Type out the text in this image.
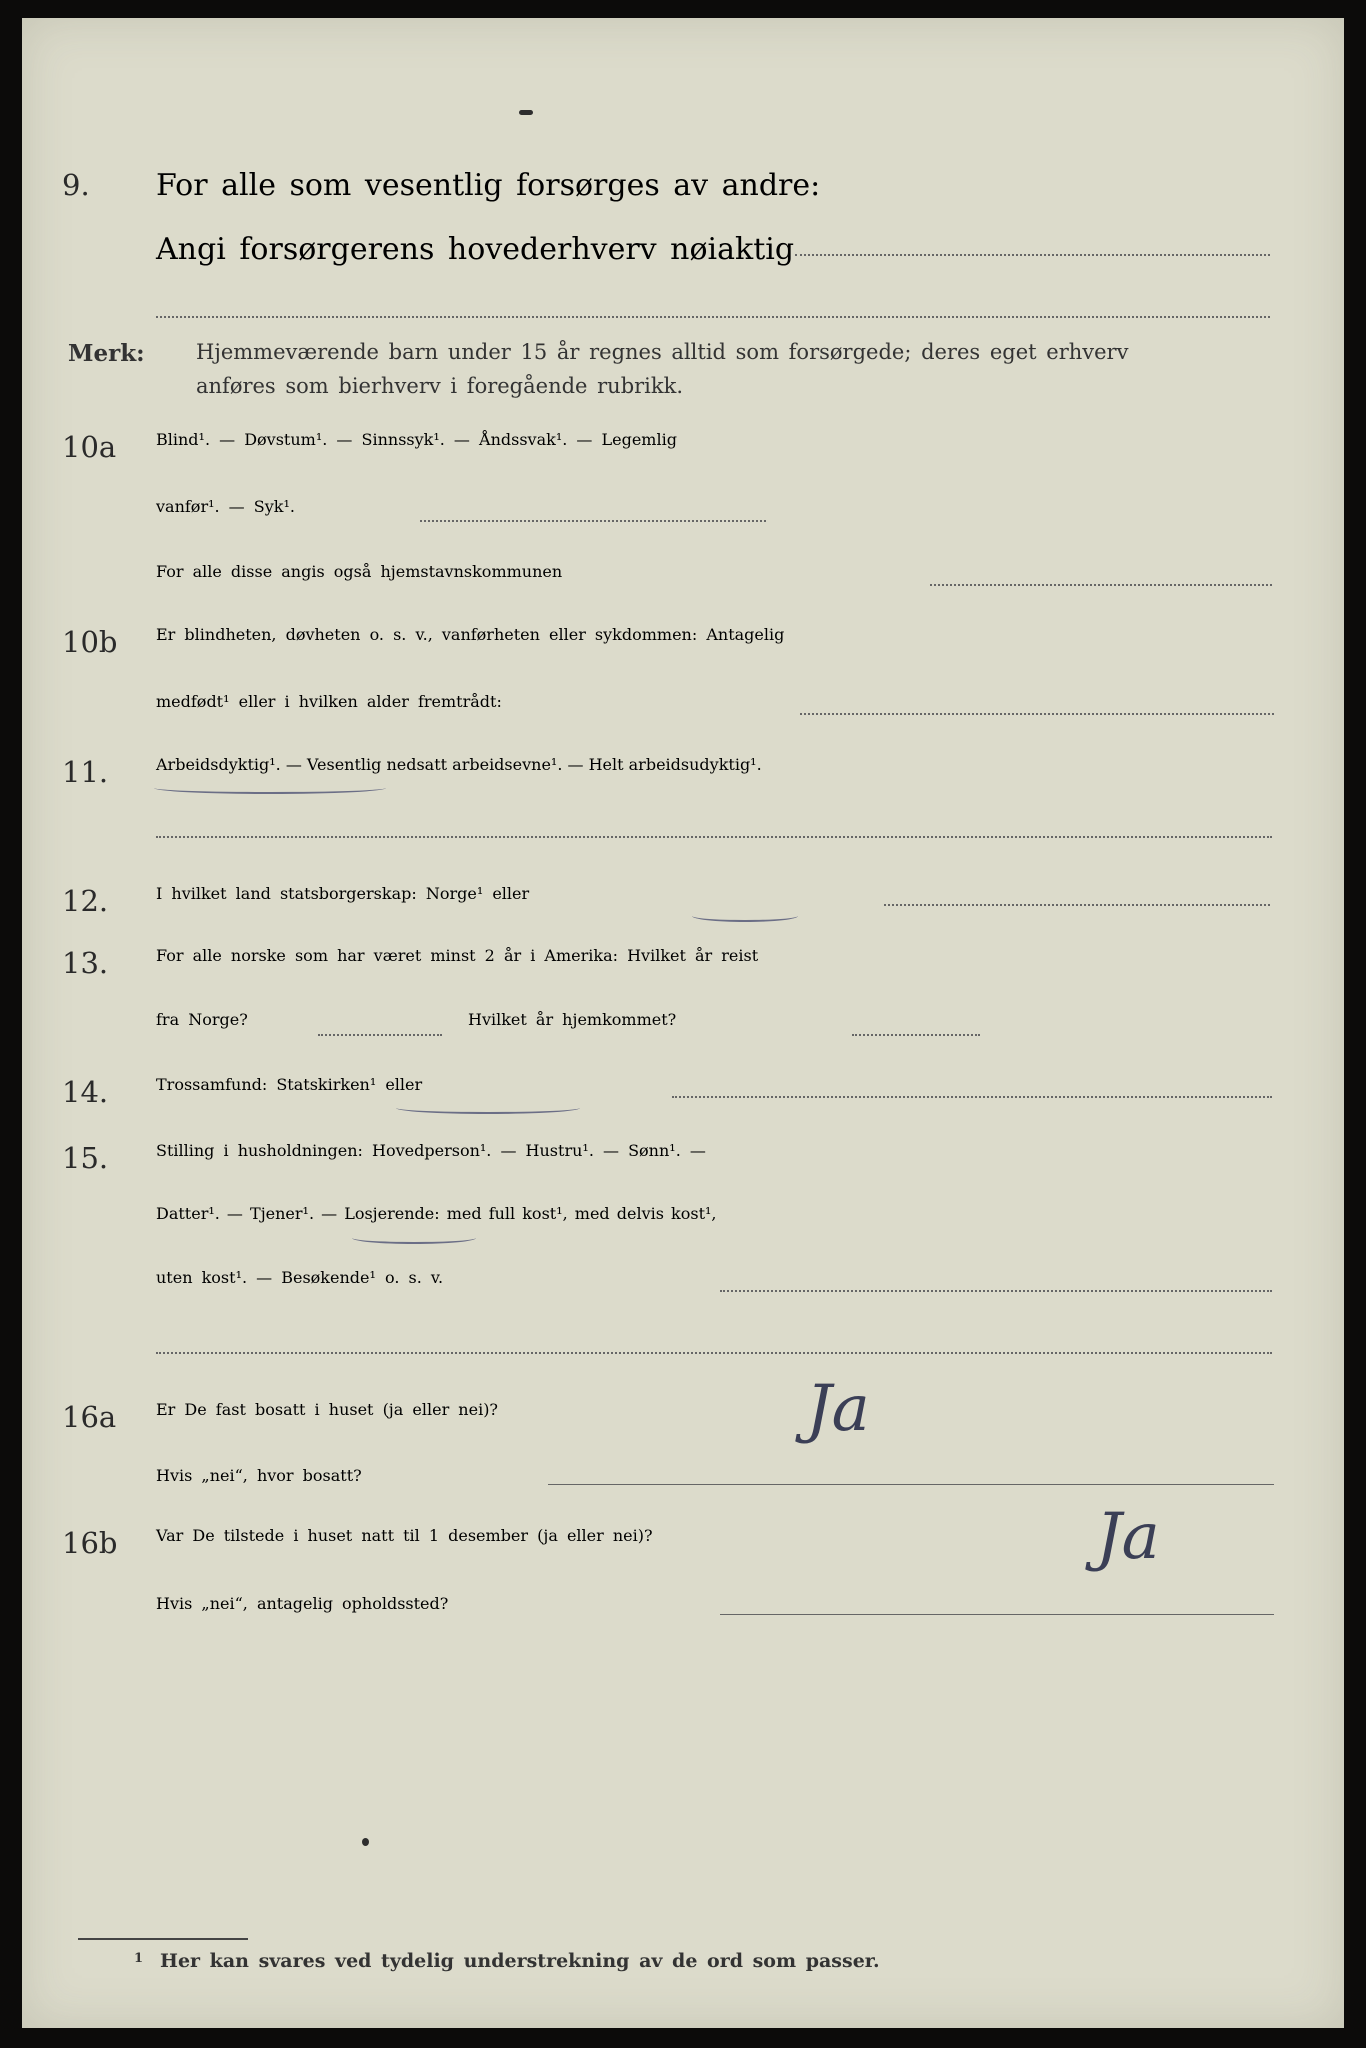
9. For alle som vesentlig forsørges av andre:
Angi forsørgerens hovederhverv nøiaktig
Merk: Hjemmeværende barn under 15 år regnes alltid som forsørgede; deres eget erhverv
anføres som bierhverv i foregående rubrikk.
10a Blind¹. — Døvstum¹. — Sinnssyk¹. — Åndssvak¹. — Legemlig
vanfør¹. — Syk¹.
For alle disse angis også hjemstavnskommunen
10b Er blindheten, døvheten o. s. v., vanførheten eller sykdommen: Antagelig
medfødt¹ eller i hvilken alder fremtrådt:
11.	Arbeidsdyktig¹. — Vesentlig nedsatt arbeidsevne¹. — Helt arbeidsudyktig¹.
12.	I hvilket land statsborgerskap: Norge¹ eller
13.	For alle norske som har været minst 2 år i Amerika: Hvilket år reist
fra Norge?	Hvilket år hjemkommet?
14.	Trossamfund: Statskirken¹ eller
15.	Stilling i husholdningen: Hovedperson¹. — Hustru¹. — Sønn¹. —
Datter¹. — Tjener¹. — Losjerende: med full kost¹, med delvis kost¹,
uten kost¹. — Besøkende¹ o. s. v.
16a Er De fast bosatt i huset (ja eller nei)?	Ja
Hvis „nei“, hvor bosatt?
16b Var De tilstede i huset natt til 1 desember (ja eller nei)?	Ja
Hvis „nei“, antagelig opholdssted?
1 Her kan svares ved tydelig understrekning av de ord som passer.
